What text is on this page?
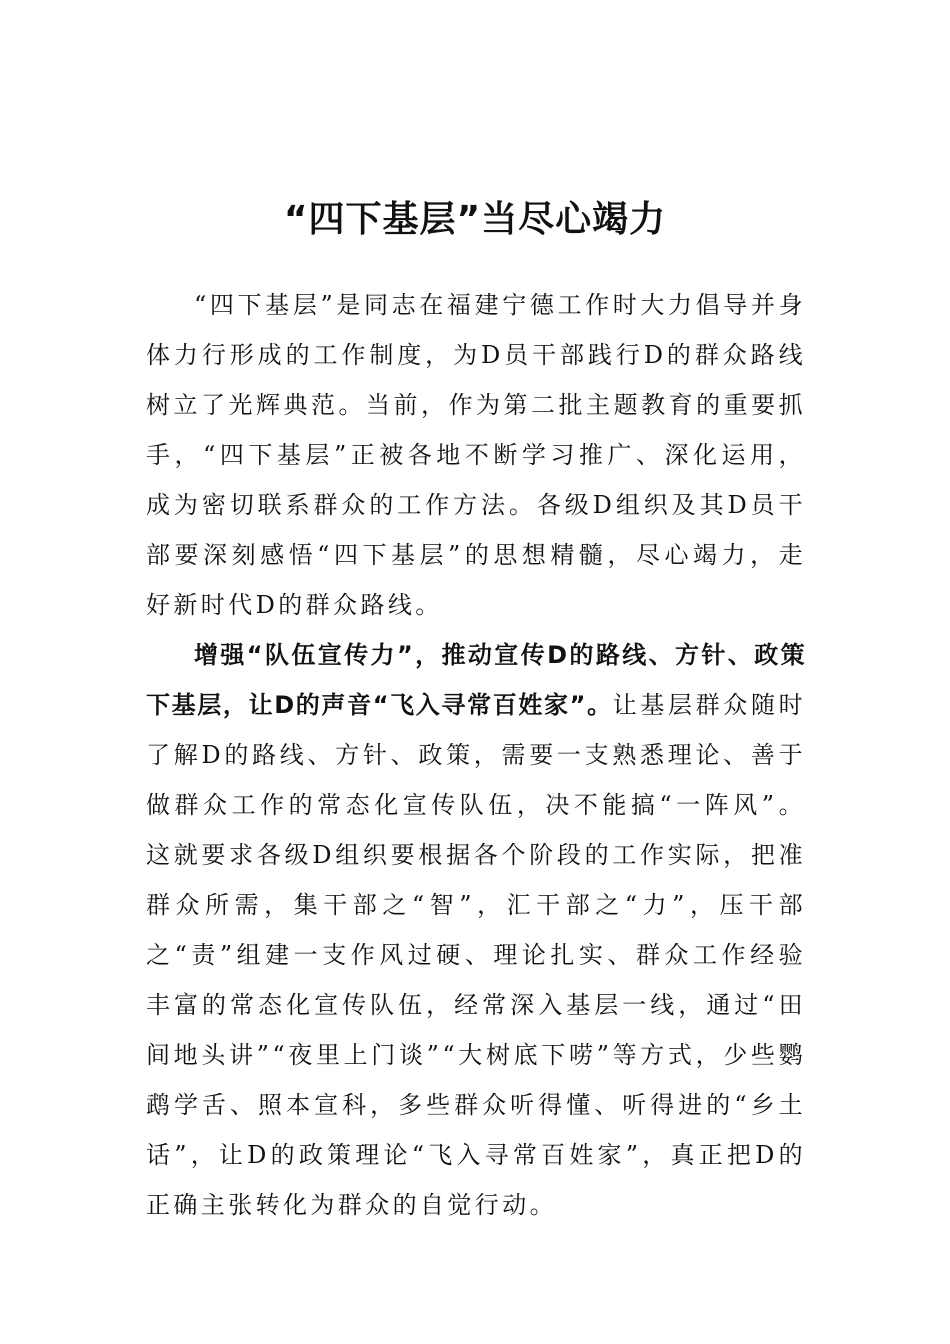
“四下基层”当尽心竭力

“四下基层”是同志在福建宁德工作时大力倡导并身体力行形成的工作制度，为D员干部践行D的群众路线树立了光辉典范。当前，作为第二批主题教育的重要抓手，“四下基层”正被各地不断学习推广、深化运用，成为密切联系群众的工作方法。各级D组织及其D员干部要深刻感悟“四下基层”的思想精髓，尽心竭力，走好新时代D的群众路线。

增强“队伍宣传力”，推动宣传D的路线、方针、政策下基层，让D的声音“飞入寻常百姓家”。让基层群众随时了解D的路线、方针、政策，需要一支熟悉理论、善于做群众工作的常态化宣传队伍，决不能搞“一阵风”。这就要求各级D组织要根据各个阶段的工作实际，把准群众所需，集干部之“智”，汇干部之“力”，压干部之“责”组建一支作风过硬、理论扎实、群众工作经验丰富的常态化宣传队伍，经常深入基层一线，通过“田间地头讲”“夜里上门谈”“大树底下唠”等方式，少些鹦鹉学舌、照本宣科，多些群众听得懂、听得进的“乡土话”，让D的政策理论“飞入寻常百姓家”，真正把D的正确主张转化为群众的自觉行动。
